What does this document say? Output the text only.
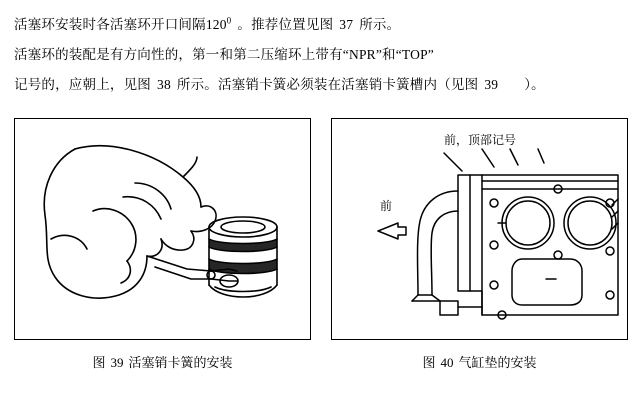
活塞环安装时各活塞环开口间隔$120^0$ 。推荐位置见图 37 所示。
活塞环的装配是有方向性的，第一和第二压缩环上带有“NPR”和“TOP”
记号的，应朝上，见图 38 所示。活塞销卡簧必须装在活塞销卡簧槽内（见图 39 ）。
图 39 活塞销卡簧的安装
前，顶部记号
前
图 40 气缸垫的安装
